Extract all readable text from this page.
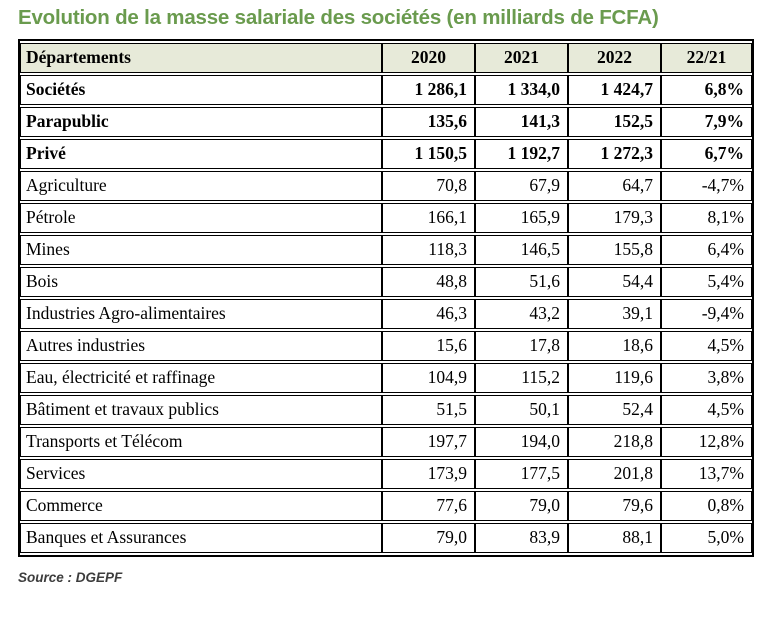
Evolution de la masse salariale des sociétés (en milliards de FCFA)
Départements	2020	2021	2022	22/21
Sociétés	1 286,1	1 334,0	1 424,7	6,8%
Parapublic	135,6	141,3	152,5	7,9%
Privé	1 150,5	1 192,7	1 272,3	6,7%
Agriculture	70,8	67,9	64,7	-4,7%
Pétrole	166,1	165,9	179,3	8,1%
Mines	118,3	146,5	155,8	6,4%
Bois	48,8	51,6	54,4	5,4%
Industries Agro-alimentaires	46,3	43,2	39,1	-9,4%
Autres industries	15,6	17,8	18,6	4,5%
Eau, électricité et raffinage	104,9	115,2	119,6	3,8%
Bâtiment et travaux publics	51,5	50,1	52,4	4,5%
Transports et Télécom	197,7	194,0	218,8	12,8%
Services	173,9	177,5	201,8	13,7%
Commerce	77,6	79,0	79,6	0,8%
Banques et Assurances	79,0	83,9	88,1	5,0%
Source : DGEPF
